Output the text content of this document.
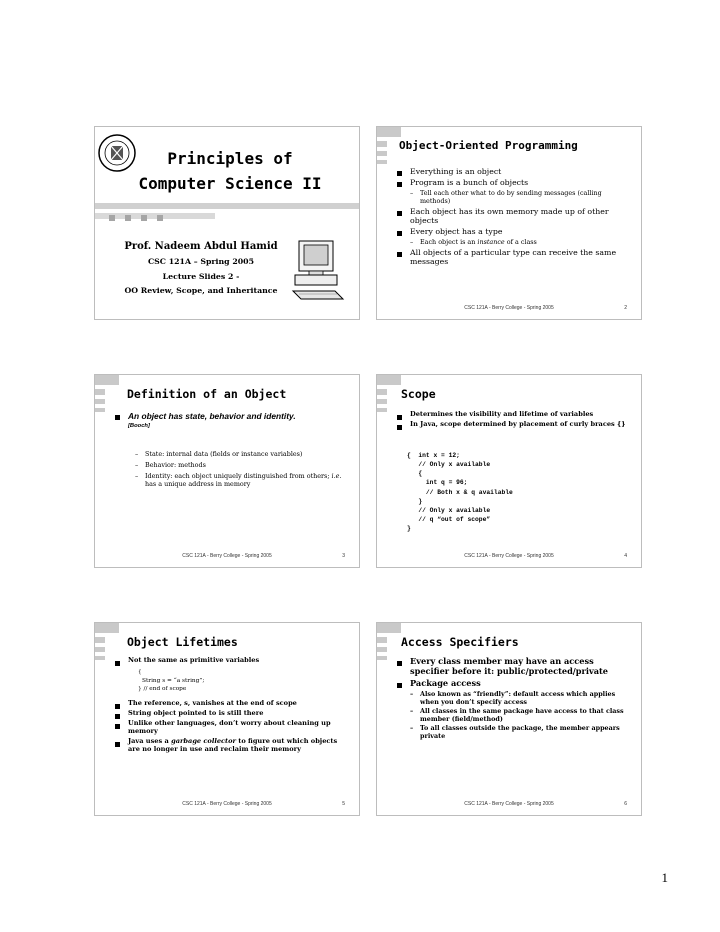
Principles of
Computer Science II
Prof. Nadeem Abdul Hamid
CSC 121A – Spring 2005
Lecture Slides 2 -
OO Review, Scope, and Inheritance
Object-Oriented Programming
Everything is an object
Program is a bunch of objects
– Tell each other what to do by sending messages (calling methods)
Each object has its own memory made up of other objects
Every object has a type
– Each object is an instance of a class
All objects of a particular type can receive the same messages
CSC 121A - Berry College - Spring 2005	2
Definition of an Object
An object has state, behavior and identity.
[Booch]
– State: internal data (fields or instance variables)
– Behavior: methods
– Identity: each object uniquely distinguished from others; i.e. has a unique address in memory
CSC 121A - Berry College - Spring 2005	3
Scope
Determines the visibility and lifetime of variables
In Java, scope determined by placement of curly braces {}
{  int x = 12;
// Only x available
{
int q = 96;
// Both x & q available
}
// Only x available
// q “out of scope”
}
CSC 121A - Berry College - Spring 2005	4
Object Lifetimes
Not the same as primitive variables
{
String s = “a string”;
} // end of scope
The reference, s, vanishes at the end of scope
String object pointed to is still there
Unlike other languages, don’t worry about cleaning up memory
Java uses a garbage collector to figure out which objects are no longer in use and reclaim their memory
CSC 121A - Berry College - Spring 2005	5
Access Specifiers
Every class member may have an access specifier before it: public/protected/private
Package access
– Also known as “friendly”: default access which applies when you don’t specify access
– All classes in the same package have access to that class member (field/method)
– To all classes outside the package, the member appears private
CSC 121A - Berry College - Spring 2005	6
1
